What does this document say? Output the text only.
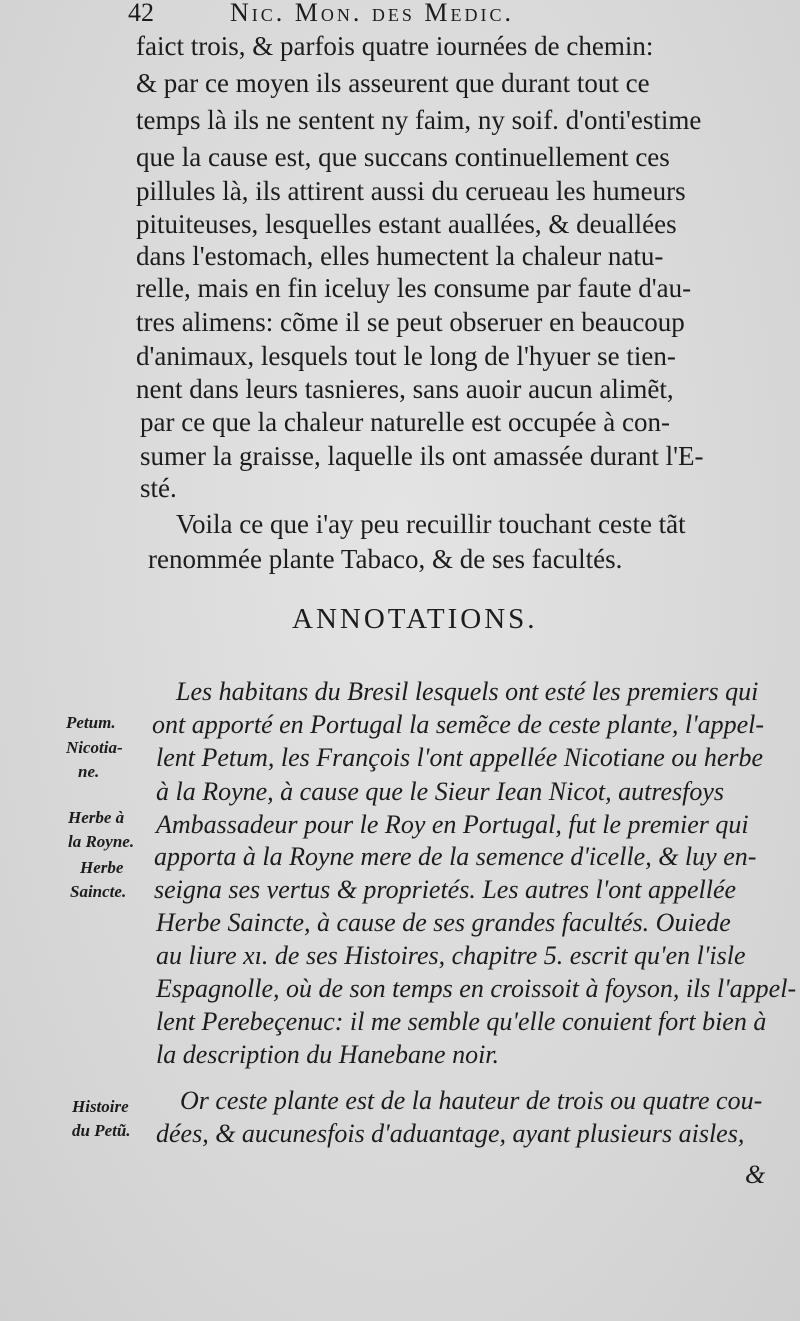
42	Nic. Mon. des Medic.
faict trois, & parfois quatre iournées de chemin:
& par ce moyen ils asseurent que durant tout ce
temps là ils ne sentent ny faim, ny soif. d'onti'estime
que la cause est, que succans continuellement ces
pillules là, ils attirent aussi du cerueau les humeurs
pituiteuses, lesquelles estant auallées, & deuallées
dans l'estomach, elles humectent la chaleur natu-
relle, mais en fin iceluy les consume par faute d'au-
tres alimens: cõme il se peut obseruer en beaucoup
d'animaux, lesquels tout le long de l'hyuer se tien-
nent dans leurs tasnieres, sans auoir aucun alimẽt,
par ce que la chaleur naturelle est occupée à con-
sumer la graisse, laquelle ils ont amassée durant l'E-
sté.
Voila ce que i'ay peu recuillir touchant ceste tãt
renommée plante Tabaco, & de ses facultés.
ANNOTATIONS.
Les habitans du Bresil lesquels ont esté les premiers qui
ont apporté en Portugal la semẽce de ceste plante, l'appel-
lent Petum, les François l'ont appellée Nicotiane ou herbe
à la Royne, à cause que le Sieur Iean Nicot, autresfoys
Ambassadeur pour le Roy en Portugal, fut le premier qui
apporta à la Royne mere de la semence d'icelle, & luy en-
seigna ses vertus & proprietés. Les autres l'ont appellée
Herbe Saincte, à cause de ses grandes facultés. Ouiede
au liure xı. de ses Histoires, chapitre 5. escrit qu'en l'isle
Espagnolle, où de son temps en croissoit à foyson, ils l'appel-
lent Perebeçenuc: il me semble qu'elle conuient fort bien à
la description du Hanebane noir.
Or ceste plante est de la hauteur de trois ou quatre cou-
dées, & aucunesfois d'aduantage, ayant plusieurs aisles,
Petum.
Nicotia-
ne.
Herbe à
la Royne.
Herbe
Saincte.
Histoire
du Petũ.
&
